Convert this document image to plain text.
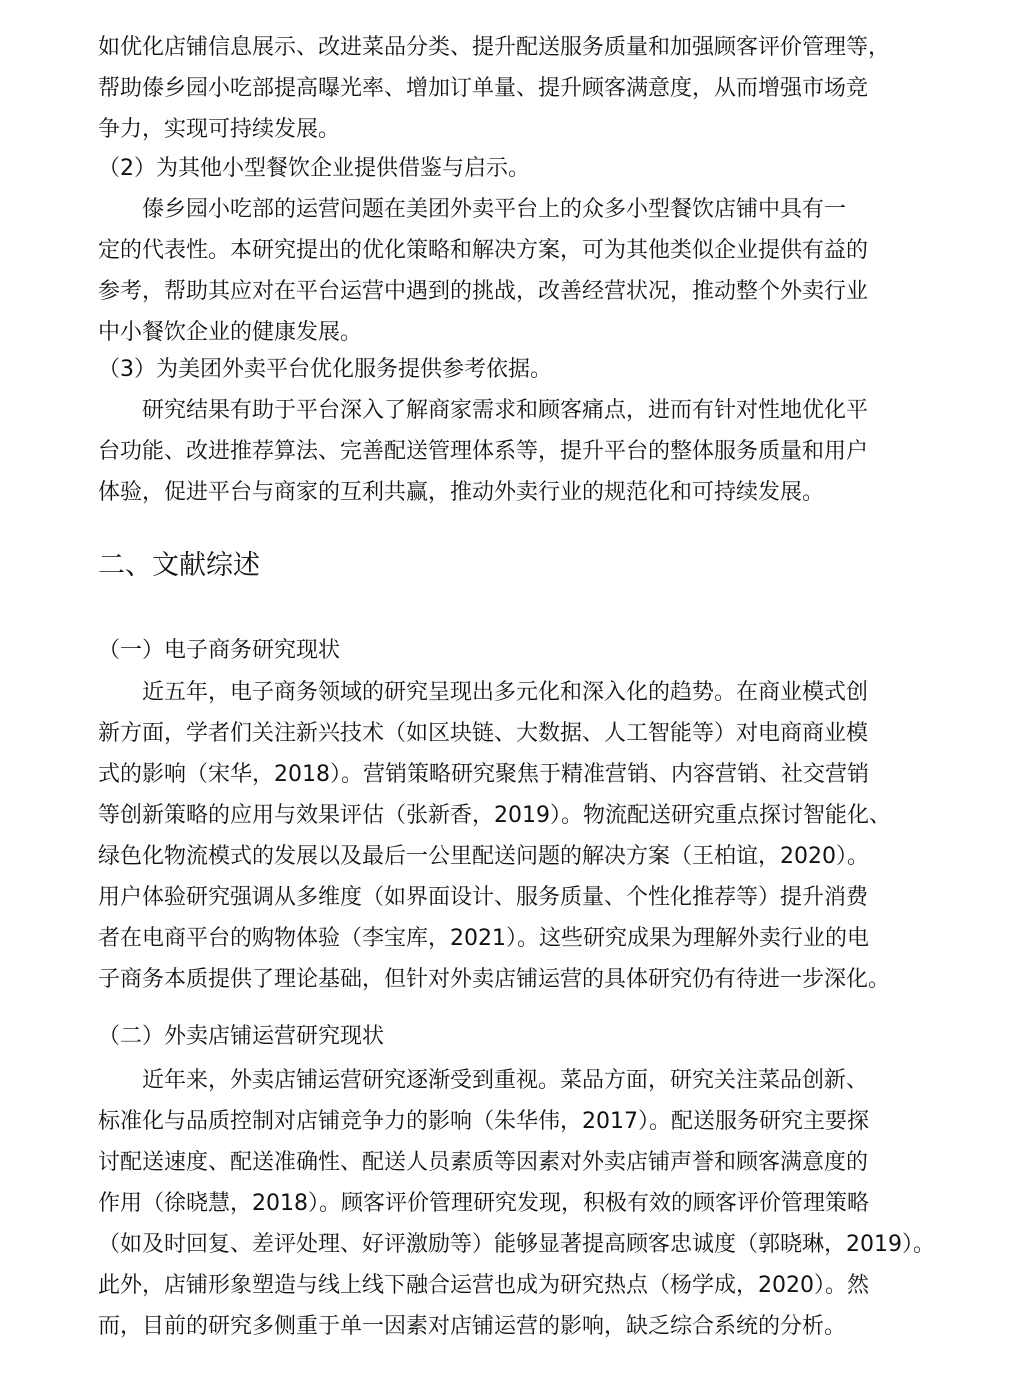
如优化店铺信息展示、改进菜品分类、提升配送服务质量和加强顾客评价管理等，
帮助傣乡园小吃部提高曝光率、增加订单量、提升顾客满意度，从而增强市场竞
争力，实现可持续发展。
（2）为其他小型餐饮企业提供借鉴与启示。
傣乡园小吃部的运营问题在美团外卖平台上的众多小型餐饮店铺中具有一
定的代表性。本研究提出的优化策略和解决方案，可为其他类似企业提供有益的
参考，帮助其应对在平台运营中遇到的挑战，改善经营状况，推动整个外卖行业
中小餐饮企业的健康发展。
（3）为美团外卖平台优化服务提供参考依据。
研究结果有助于平台深入了解商家需求和顾客痛点，进而有针对性地优化平
台功能、改进推荐算法、完善配送管理体系等，提升平台的整体服务质量和用户
体验，促进平台与商家的互利共赢，推动外卖行业的规范化和可持续发展。
二、文献综述
（一）电子商务研究现状
近五年，电子商务领域的研究呈现出多元化和深入化的趋势。在商业模式创
新方面，学者们关注新兴技术（如区块链、大数据、人工智能等）对电商商业模
式的影响（宋华，2018）。营销策略研究聚焦于精准营销、内容营销、社交营销
等创新策略的应用与效果评估（张新香，2019）。物流配送研究重点探讨智能化、
绿色化物流模式的发展以及最后一公里配送问题的解决方案（王柏谊，2020）。
用户体验研究强调从多维度（如界面设计、服务质量、个性化推荐等）提升消费
者在电商平台的购物体验（李宝库，2021）。这些研究成果为理解外卖行业的电
子商务本质提供了理论基础，但针对外卖店铺运营的具体研究仍有待进一步深化。
（二）外卖店铺运营研究现状
近年来，外卖店铺运营研究逐渐受到重视。菜品方面，研究关注菜品创新、
标准化与品质控制对店铺竞争力的影响（朱华伟，2017）。配送服务研究主要探
讨配送速度、配送准确性、配送人员素质等因素对外卖店铺声誉和顾客满意度的
作用（徐晓慧，2018）。顾客评价管理研究发现，积极有效的顾客评价管理策略
（如及时回复、差评处理、好评激励等）能够显著提高顾客忠诚度（郭晓琳，2019）。
此外，店铺形象塑造与线上线下融合运营也成为研究热点（杨学成，2020）。然
而，目前的研究多侧重于单一因素对店铺运营的影响，缺乏综合系统的分析。
